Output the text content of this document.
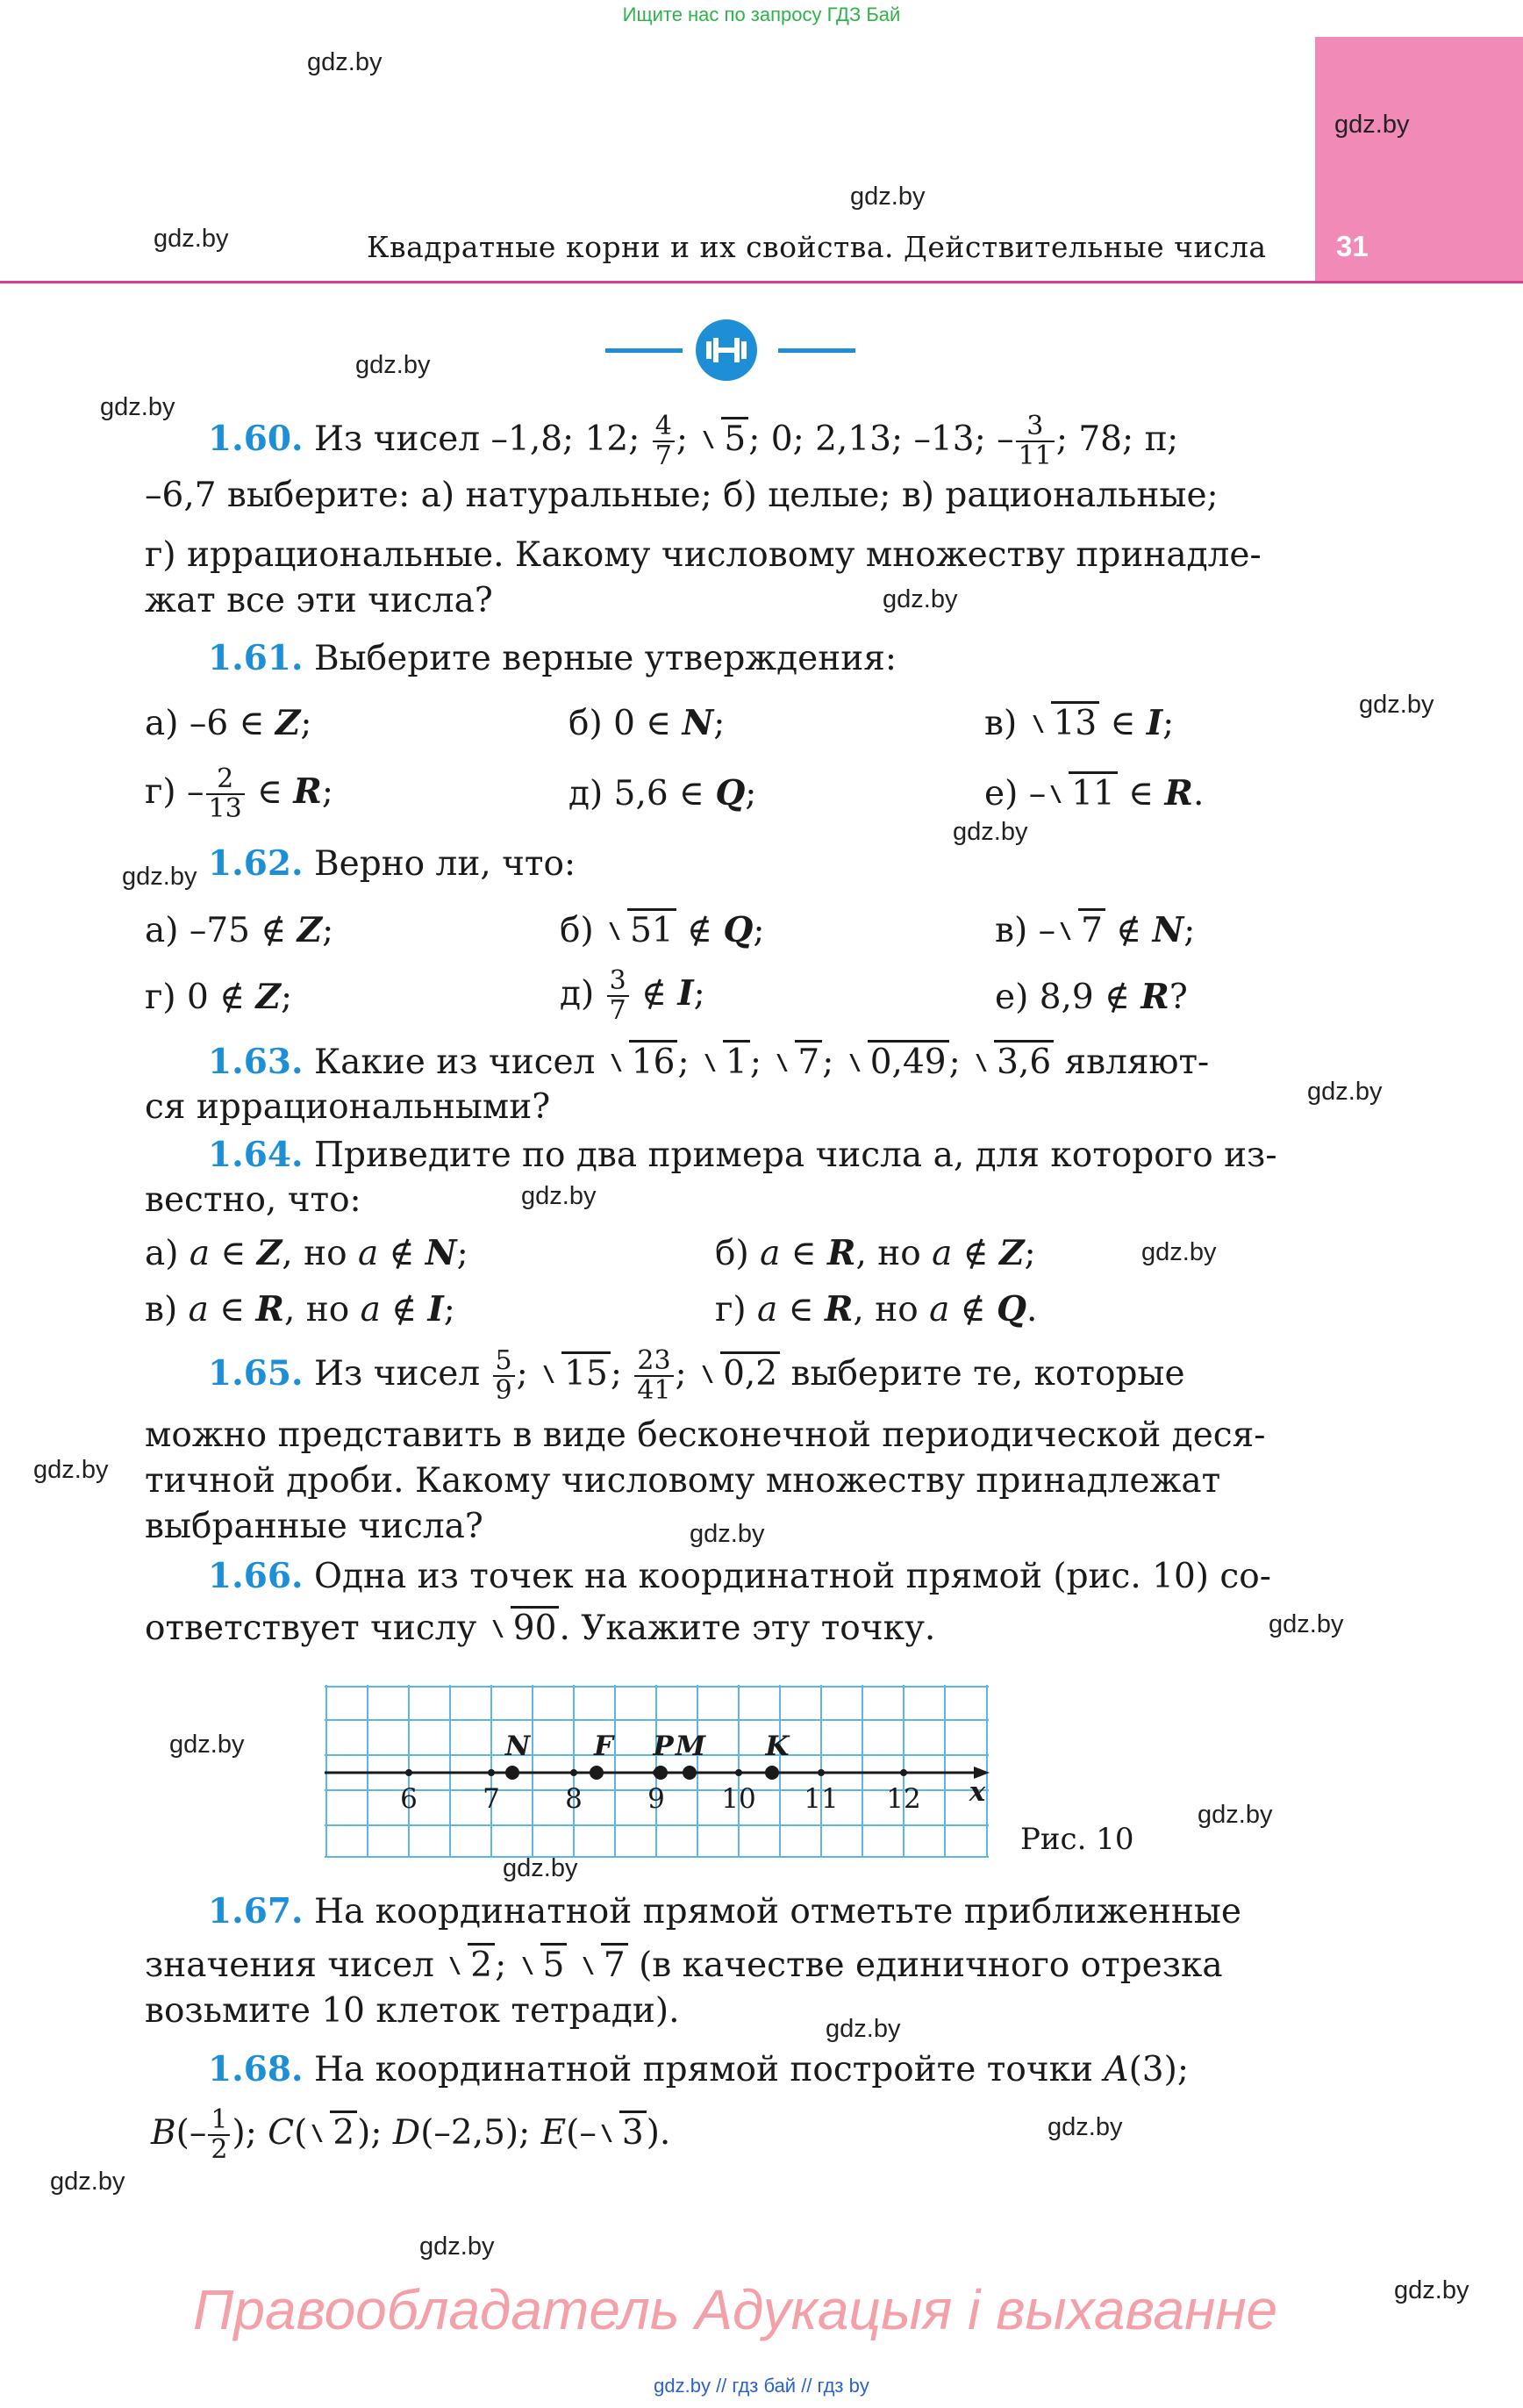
Ищите нас по запросу ГДЗ Бай
31
Квадратные корни и их свойства. Действительные числа
gdz.by
gdz.by
gdz.by
gdz.by
gdz.by
gdz.by
gdz.by
gdz.by
gdz.by
gdz.by
gdz.by
gdz.by
gdz.by
gdz.by
gdz.by
gdz.by
gdz.by
gdz.by
gdz.by
gdz.by
gdz.by
gdz.by
gdz.by
gdz.by
1.60. Из чисел –1,8; 12; $\frac{4}{7}$ ; 5; 0; 2,13; –13; – $\frac{3}{11}$ ; 78; π;
–6,7 выберите: а) натуральные; б) целые; в) рациональные;
г) иррациональные. Какому числовому множеству принадле-
жат все эти числа?
1.61. Выберите верные утверждения:
а) –6 ∈ Z;	б) 0 ∈ N;	в) 13 ∈ I;
$г) - \frac{2}{13}$ ∈ R;	д) 5,6 ∈ Q;	е) – 11 ∈ R.
1.62. Верно ли, что:
а) –75 ∉ Z;	б) 51 ∉ Q;	в) – 7 ∉ N;
г) 0 ∉ Z;	$д) \frac{3}{7}$ ∉ I;	е) 8,9 ∉ R?
1.63. Какие из чисел 16; 1; 7; 0,49; 3,6 являют-
ся иррациональными?
1.64. Приведите по два примера числа a, для которого из-
вестно, что:
а) a ∈ Z, но a ∉ N;	б) a ∈ R, но a ∉ Z;
в) a ∈ R, но a ∉ I;	г) a ∈ R, но a ∉ Q.
1.65. Из чисел $\frac{5}{9}$ ; 15; $\frac{23}{41}$ ; 0,2 выберите те, которые
можно представить в виде бесконечной периодической деся-
тичной дроби. Какому числовому множеству принадлежат
выбранные числа?
1.66. Одна из точек на координатной прямой (рис. 10) со-
ответствует числу 90. Укажите эту точку.
6 7 8 9 10 11 12
N F P M K
x
Рис. 10
1.67. На координатной прямой отметьте приближенные
значения чисел 2; 5 7 (в качестве единичного отрезка
возьмите 10 клеток тетради).
1.68. На координатной прямой постройте точки A(3);
$B(- \frac{1}{2}$ ); C( 2); D(–2,5); E(– 3).
Правообладатель Адукацыя і выхаванне
gdz.by // гдз бай // гдз by
